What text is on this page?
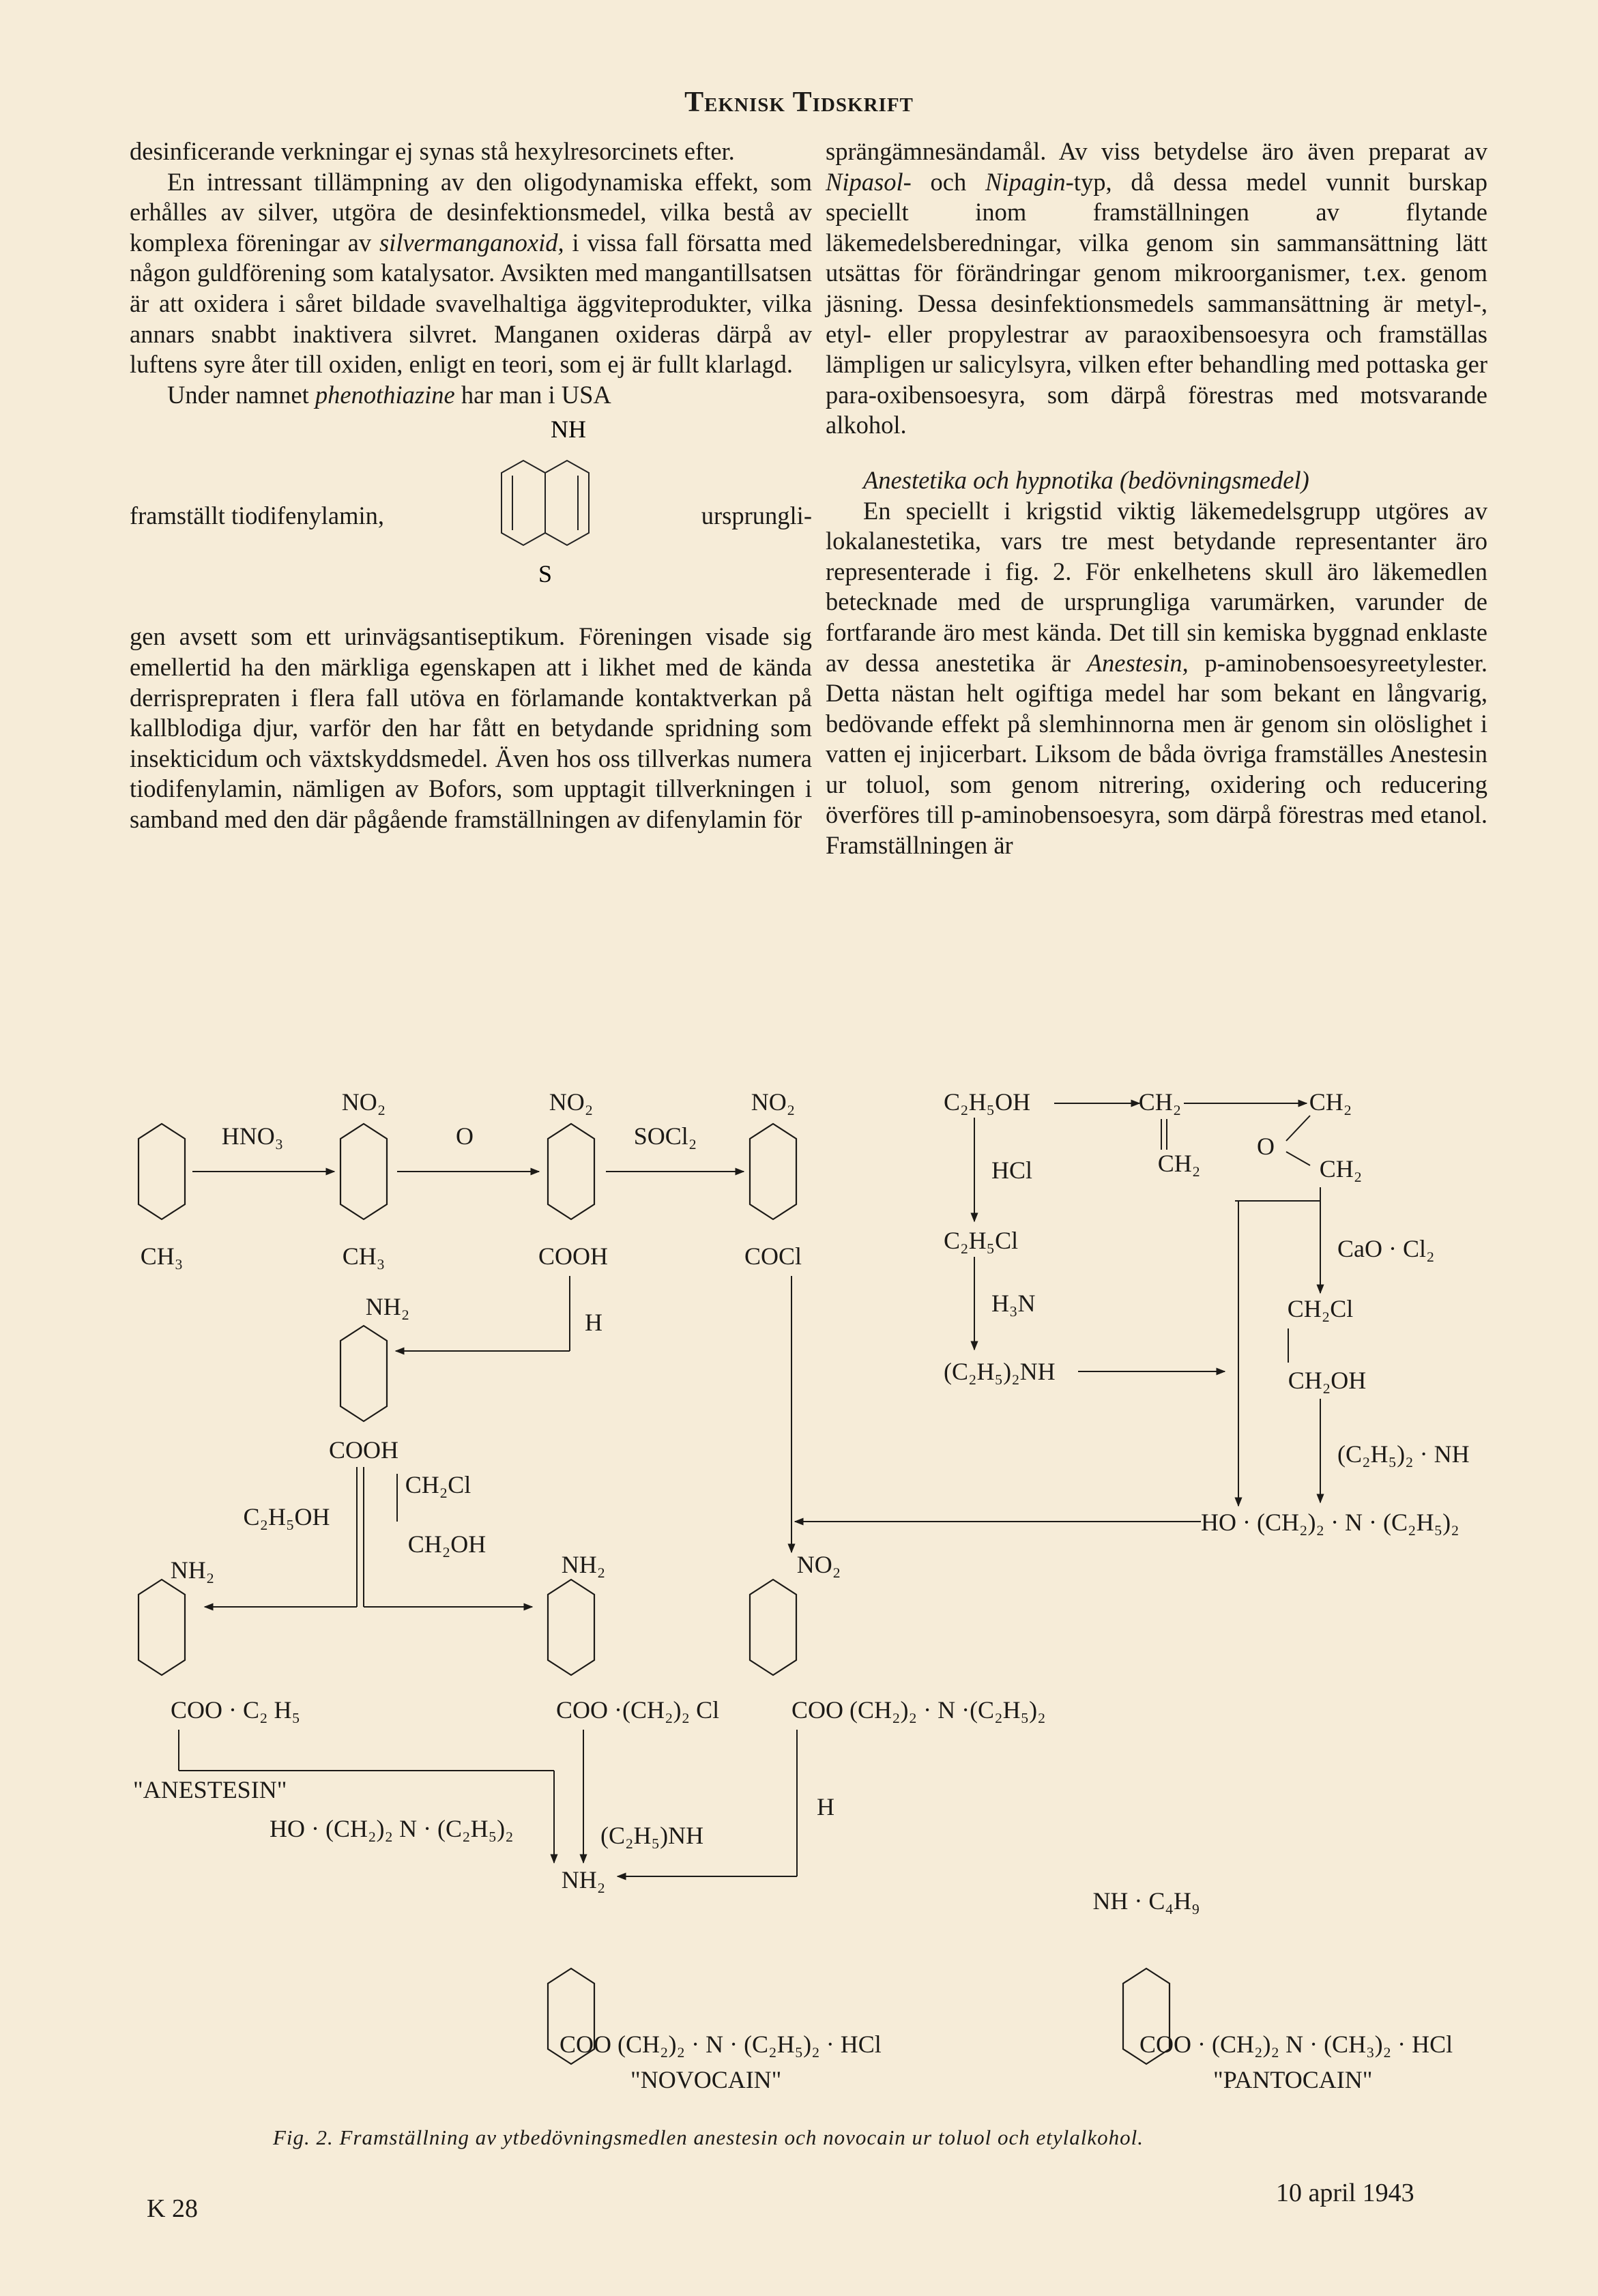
Teknisk Tidskrift

desinficerande verkningar ej synas stå hexylresorcinets efter.

En intressant tillämpning av den oligodynamiska effekt, som erhålles av silver, utgöra de desinfektionsmedel, vilka bestå av komplexa föreningar av silvermanganoxid, i vissa fall försatta med någon guldförening som katalysator. Avsikten med mangantillsatsen är att oxidera i såret bildade svavelhaltiga äggviteprodukter, vilka annars snabbt inaktivera silvret. Manganen oxideras därpå av luftens syre åter till oxiden, enligt en teori, som ej är fullt klarlagd.

Under namnet phenothiazine har man i USA

framställt tiodifenylamin,
NH
S
ursprungli-

gen avsett som ett urinvägsantiseptikum. Föreningen visade sig emellertid ha den märkliga egenskapen att i likhet med de kända derrisprepraten i flera fall utöva en förlamande kontaktverkan på kallblodiga djur, varför den har fått en betydande spridning som insekticidum och växtskyddsmedel. Även hos oss tillverkas numera tiodifenylamin, nämligen av Bofors, som upptagit tillverkningen i samband med den där pågående framställningen av difenylamin för

sprängämnesändamål. Av viss betydelse äro även preparat av Nipasol- och Nipagin-typ, då dessa medel vunnit burskap speciellt inom framställningen av flytande läkemedelsberedningar, vilka genom sin sammansättning lätt utsättas för förändringar genom mikroorganismer, t.ex. genom jäsning. Dessa desinfektionsmedels sammansättning är metyl-, etyl- eller propylestrar av paraoxibensoesyra och framställas lämpligen ur salicylsyra, vilken efter behandling med pottaska ger para-oxibensoesyra, som därpå förestras med motsvarande alkohol.

Anestetika och hypnotika (bedövningsmedel)

En speciellt i krigstid viktig läkemedelsgrupp utgöres av lokalanestetika, vars tre mest betydande representanter äro representerade i fig. 2. För enkelhetens skull äro läkemedlen betecknade med de ursprungliga varumärken, varunder de fortfarande äro mest kända. Det till sin kemiska byggnad enklaste av dessa anestetika är Anestesin, p-aminobensoesyreetylester. Detta nästan helt ogiftiga medel har som bekant en långvarig, bedövande effekt på slemhinnorna men är genom sin olöslighet i vatten ej injicerbart. Liksom de båda övriga framställes Anestesin ur toluol, som genom nitrering, oxidering och reducering överföres till p-aminobensoesyra, som därpå förestras med etanol. Framställningen är

NO₂	NO₂	NO₂
HNO₃	O	SOCl₂
CH₃	CH₃	COOH	COCl
NH₂
H
COOH
CH₂Cl
C₂H₅OH
CH₂OH
NH₂	NH₂	NO₂
COO · C₂ H₅	COO ·(CH₂)₂ Cl	COO (CH₂)₂ · N ·(C₂H₅)₂
"ANESTESIN"
HO · (CH₂)₂ N · (C₂H₅)₂	(C₂H₅)NH
H
NH₂
COO (CH₂)₂ · N · (C₂H₅)₂ · HCl
"NOVOCAIN"
C₂H₅OH	CH₂
CH₂
CH₂
O
CH₂
HCl
C₂H₅Cl
H₃N
(C₂H₅)₂NH
CaO · Cl₂
CH₂Cl
CH₂OH
(C₂H₅)₂ · NH
HO · (CH₂)₂ · N · (C₂H₅)₂
NH · C₄H₉
COO · (CH₂)₂ N · (CH₃)₂ · HCl
"PANTOCAIN"
Fig. 2. Framställning av ytbedövningsmedlen anestesin och novocain ur toluol och etylalkohol.
K 28
10 april 1943
